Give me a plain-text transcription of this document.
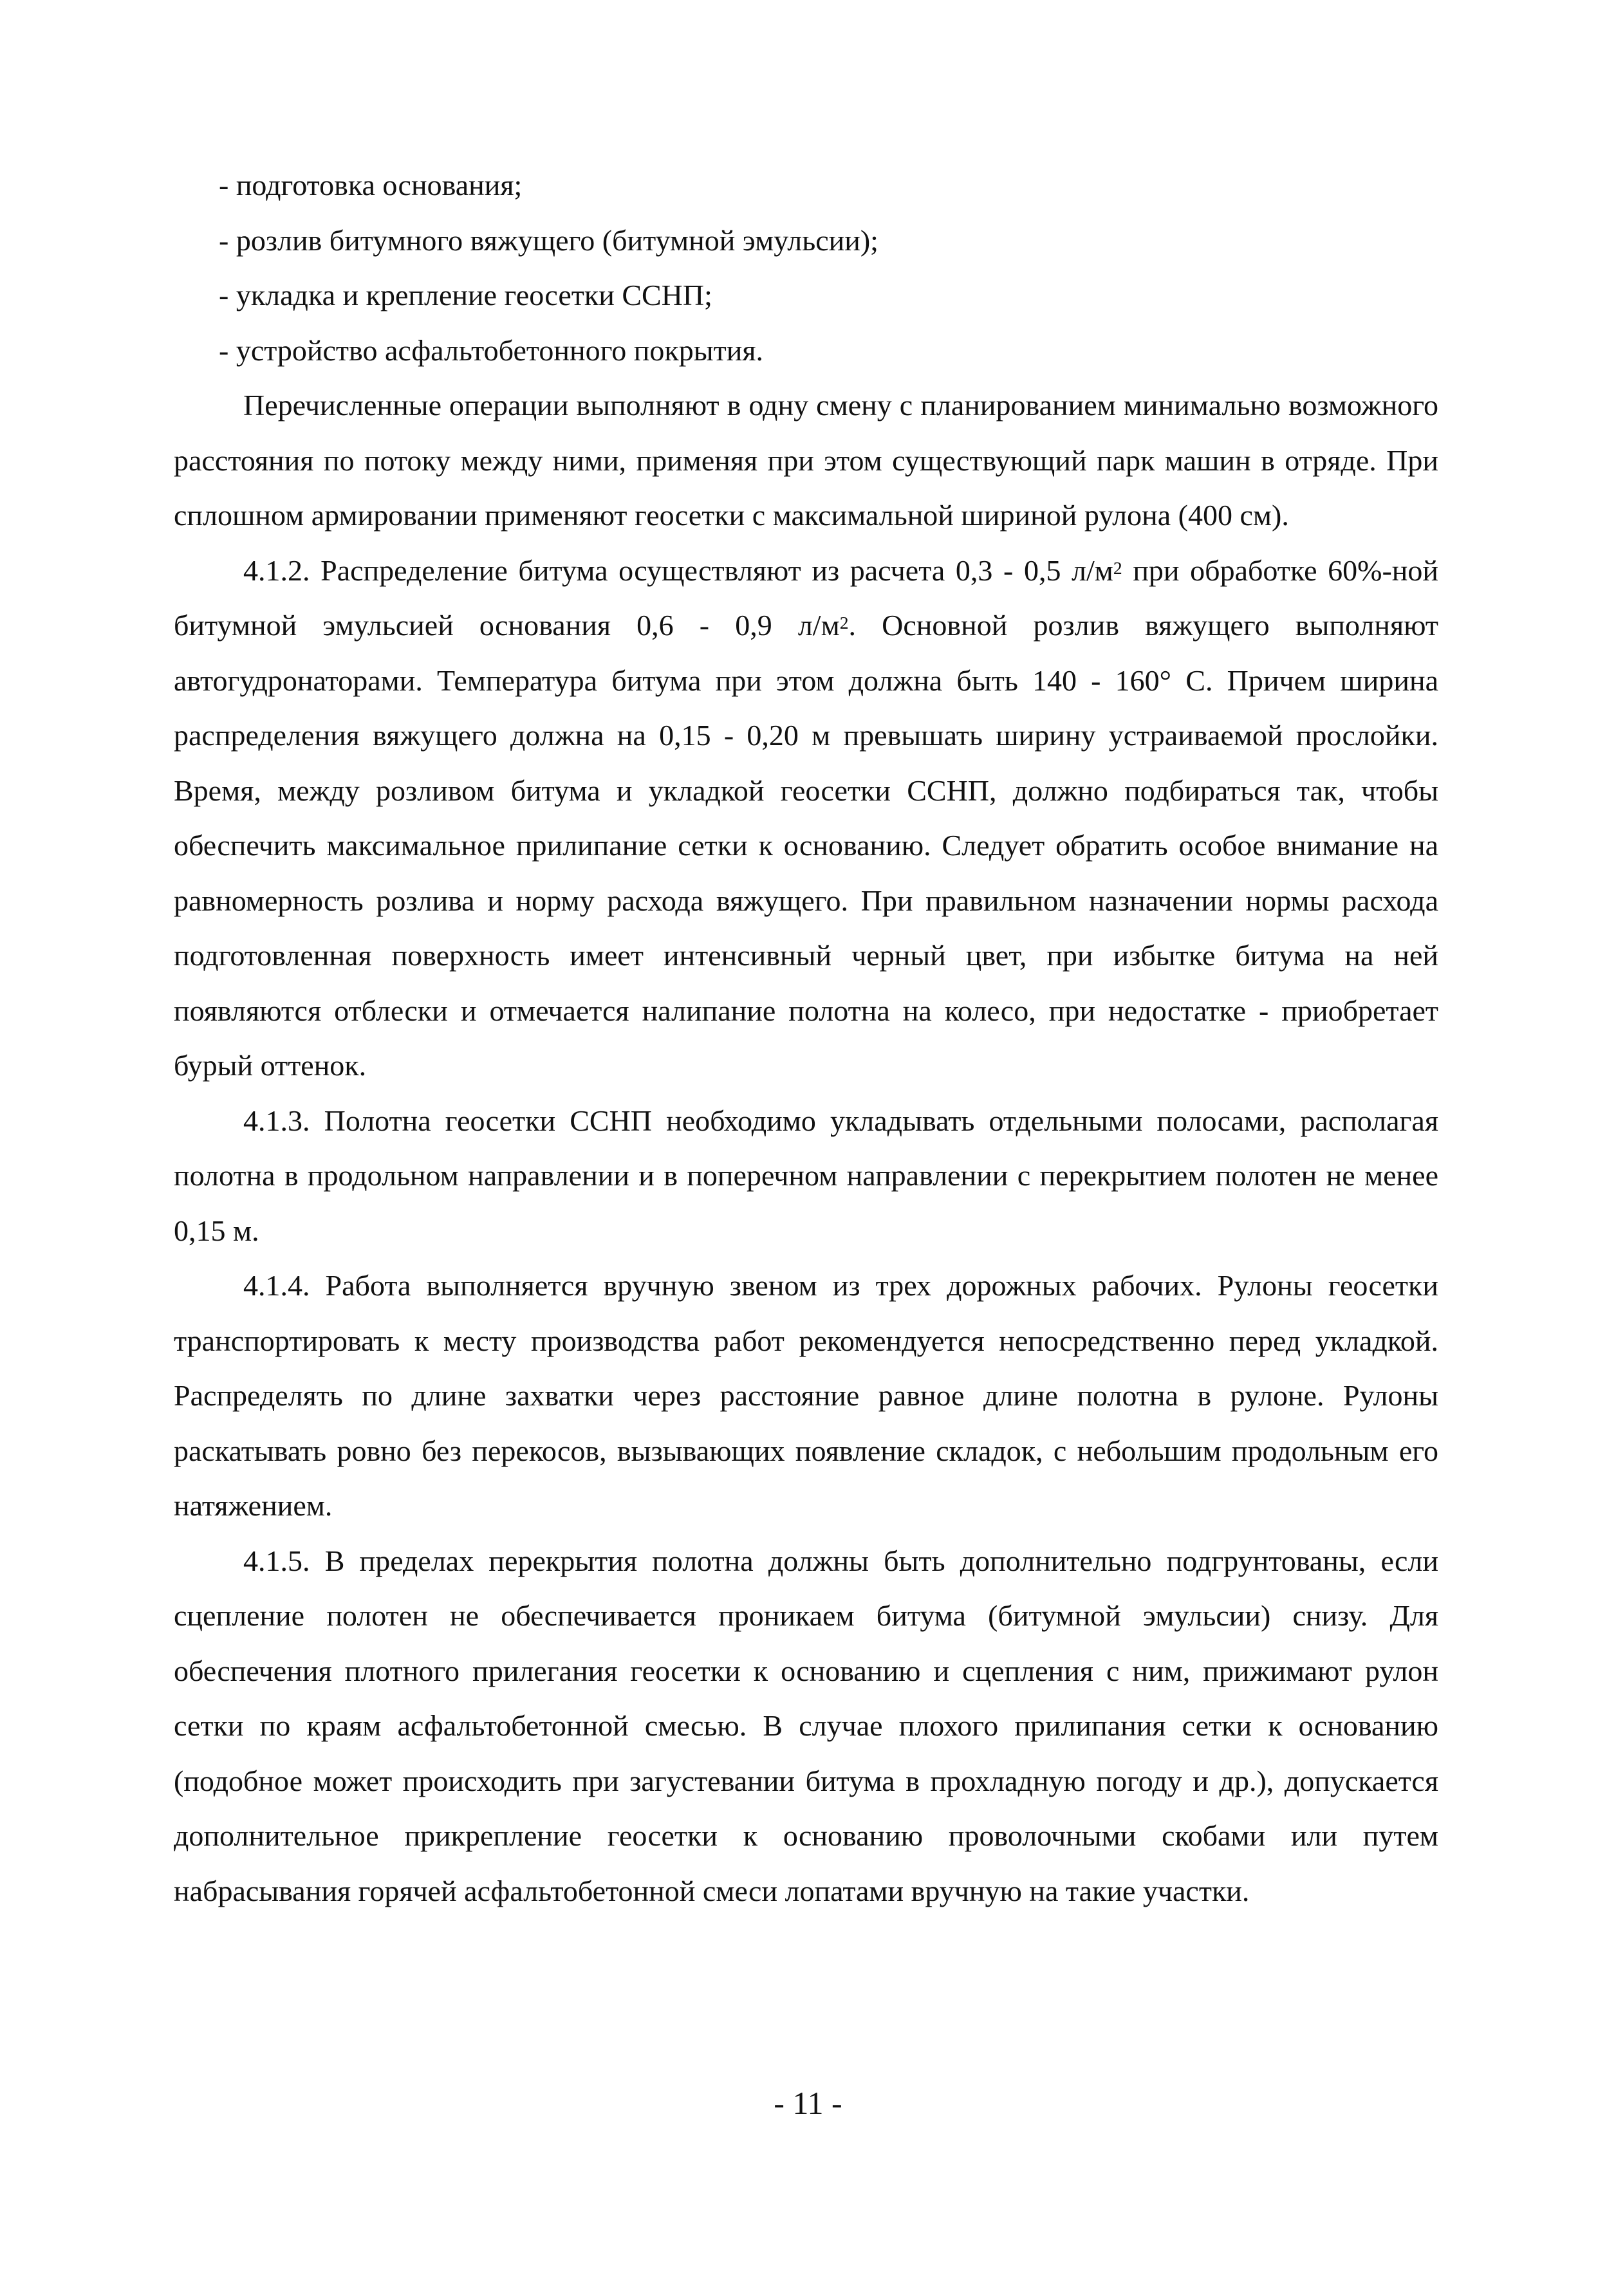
- подготовка основания;
- розлив битумного вяжущего (битумной эмульсии);
- укладка и крепление геосетки ССНП;
- устройство асфальтобетонного покрытия.

Перечисленные операции выполняют в одну смену с планированием минимально возможного расстояния по потоку между ними, применяя при этом существующий парк машин в отряде. При сплошном армировании применяют геосетки с максимальной шириной рулона (400 см).

4.1.2. Распределение битума осуществляют из расчета 0,3 - 0,5 $л/м^2$ при обработке 60%-ной битумной эмульсией основания 0,6 - 0,9 $л/м^2$. Основной розлив вяжущего выполняют автогудронаторами. Температура битума при этом должна быть 140 - 160° С. Причем ширина распределения вяжущего должна на 0,15 - 0,20 м превышать ширину устраиваемой прослойки. Время, между розливом битума и укладкой геосетки ССНП, должно подбираться так, чтобы обеспечить максимальное прилипание сетки к основанию. Следует обратить особое внимание на равномерность розлива и норму расхода вяжущего. При правильном назначении нормы расхода подготовленная поверхность имеет интенсивный черный цвет, при избытке битума на ней появляются отблески и отмечается налипание полотна на колесо, при недостатке - приобретает бурый оттенок.

4.1.3. Полотна геосетки ССНП необходимо укладывать отдельными полосами, располагая полотна в продольном направлении и в поперечном направлении с перекрытием полотен не менее 0,15 м.

4.1.4. Работа выполняется вручную звеном из трех дорожных рабочих. Рулоны геосетки транспортировать к месту производства работ рекомендуется непосредственно перед укладкой. Распределять по длине захватки через расстояние равное длине полотна в рулоне. Рулоны раскатывать ровно без перекосов, вызывающих появление складок, с небольшим продольным его натяжением.

4.1.5. В пределах перекрытия полотна должны быть дополнительно подгрунтованы, если сцепление полотен не обеспечивается проникаем битума (битумной эмульсии) снизу. Для обеспечения плотного прилегания геосетки к основанию и сцепления с ним, прижимают рулон сетки по краям асфальтобетонной смесью. В случае плохого прилипания сетки к основанию (подобное может происходить при загустевании битума в прохладную погоду и др.), допускается дополнительное прикрепление геосетки к основанию проволочными скобами или путем набрасывания горячей асфальтобетонной смеси лопатами вручную на такие участки.

- 11 -
